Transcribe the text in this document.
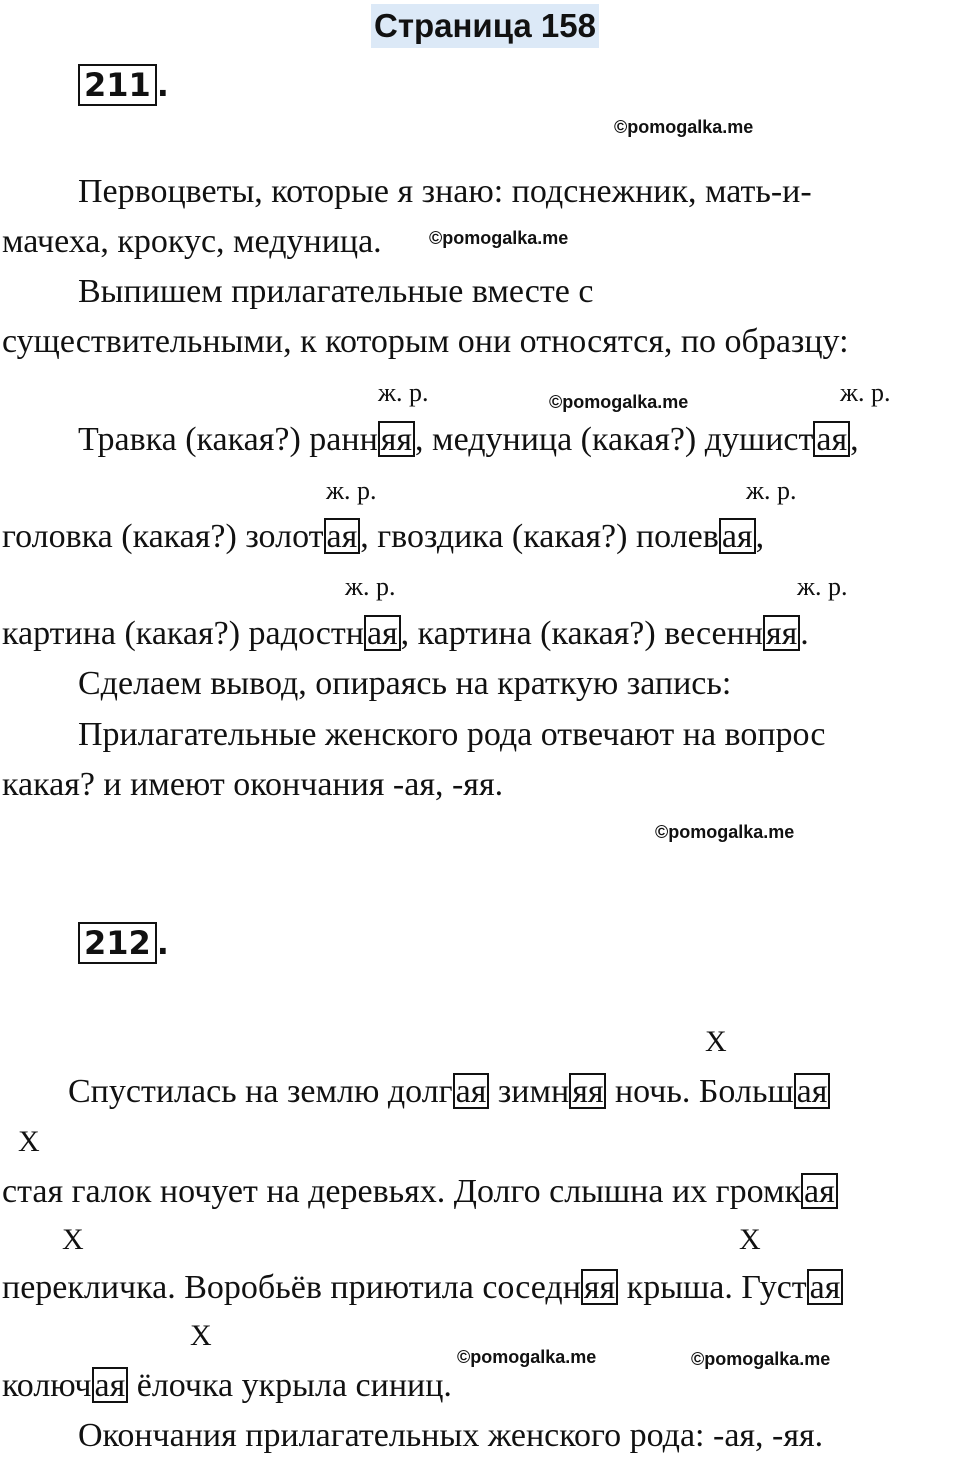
Страница 158
211 .
©pomogalka.me
Первоцветы, которые я знаю: подснежник, мать-и-
мачеха, крокус, медуница.	©pomogalka.me
Выпишем прилагательные вместе с
существительными, к которым они относятся, по образцу:
ж. р.	©pomogalka.me	ж. р.
Травка (какая?) ранняя, медуница (какая?) душистая,
ж. р.	ж. р.
головка (какая?) золотая, гвоздика (какая?) полевая,
ж. р.	ж. р.
картина (какая?) радостная, картина (какая?) весенняя.
Сделаем вывод, опираясь на краткую запись:
Прилагательные женского рода отвечают на вопрос
какая? и имеют окончания -ая, -яя.
©pomogalka.me
212 .
X
Спустилась на землю долгая зимняя ночь. Большая
X
стая галок ночует на деревьях. Долго слышна их громкая
X	X
перекличка. Воробьёв приютила соседняя крыша. Густая
X
©pomogalka.me	©pomogalka.me
колючая ёлочка укрыла синиц.
Окончания прилагательных женского рода: -ая, -яя.
